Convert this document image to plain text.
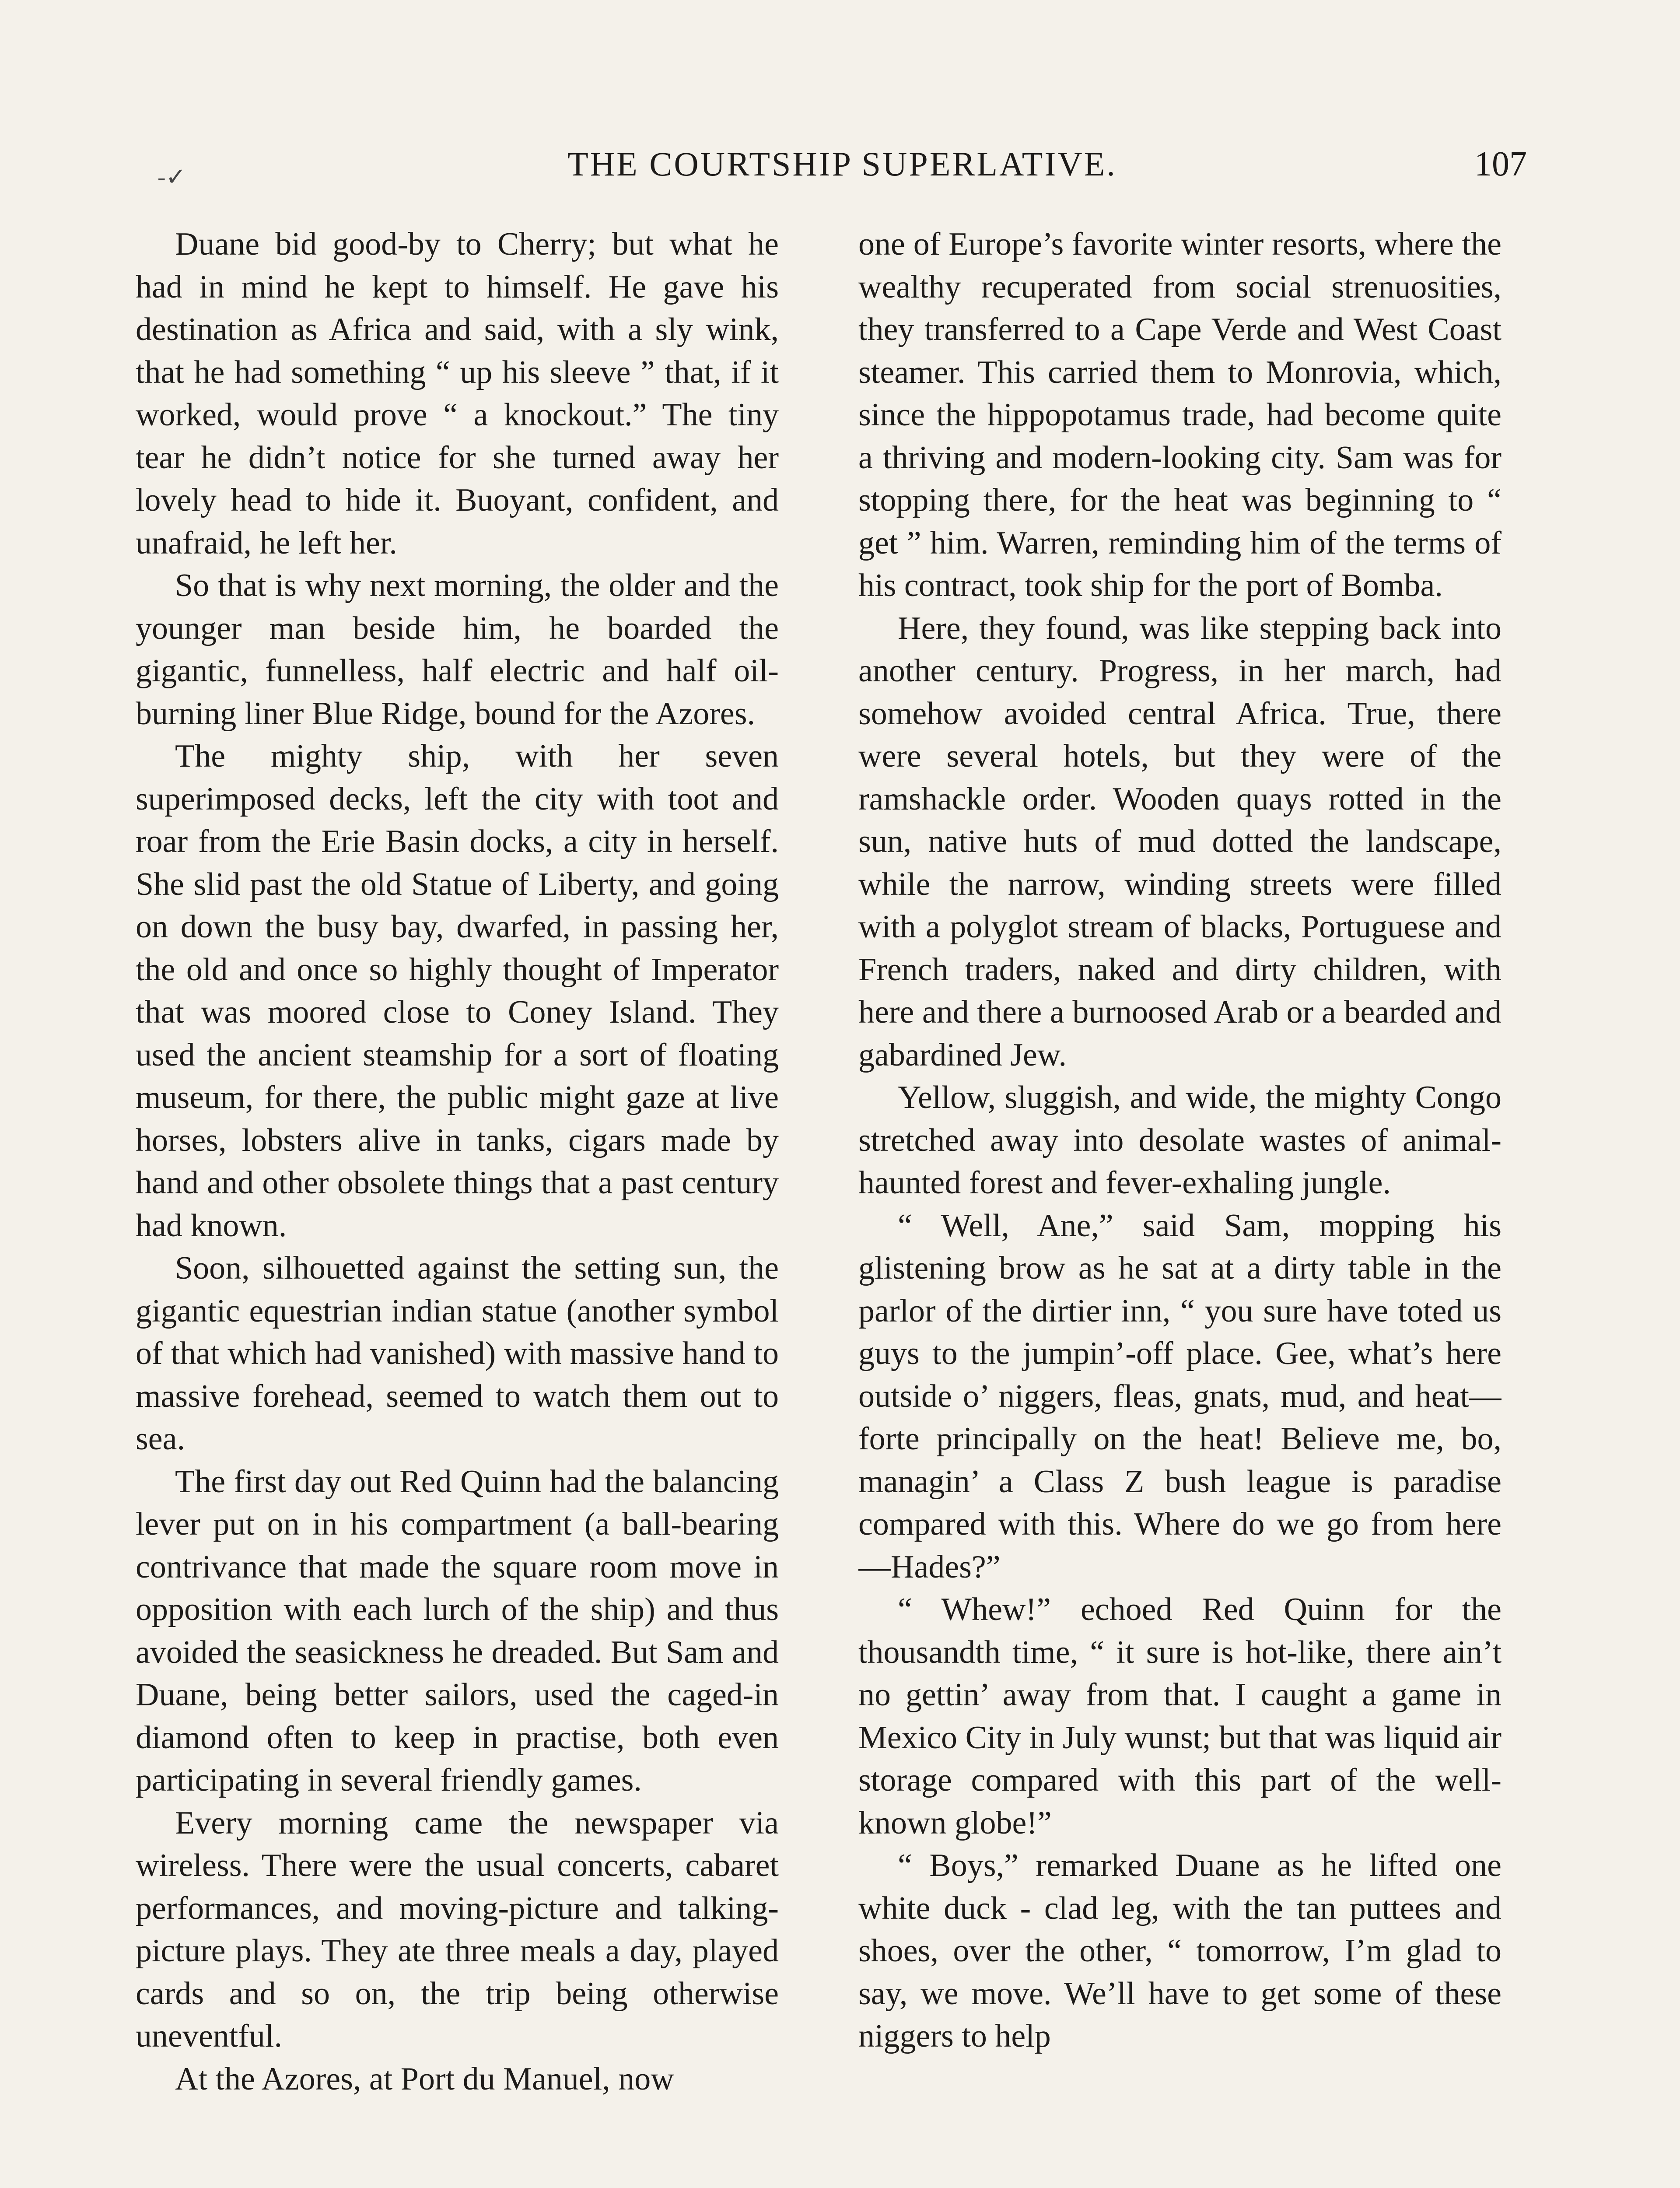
-✓	THE COURTSHIP SUPERLATIVE.	107

Duane bid good-by to Cherry; but what he had in mind he kept to himself. He gave his destination as Africa and said, with a sly wink, that he had something “ up his sleeve ” that, if it worked, would prove “ a knockout.” The tiny tear he didn’t notice for she turned away her lovely head to hide it. Buoyant, confident, and unafraid, he left her.

So that is why next morning, the older and the younger man beside him, he boarded the gigantic, funnelless, half electric and half oil-burning liner Blue Ridge, bound for the Azores.

The mighty ship, with her seven superimposed decks, left the city with toot and roar from the Erie Basin docks, a city in herself. She slid past the old Statue of Liberty, and going on down the busy bay, dwarfed, in passing her, the old and once so highly thought of Imperator that was moored close to Coney Island. They used the ancient steamship for a sort of floating museum, for there, the public might gaze at live horses, lobsters alive in tanks, cigars made by hand and other obsolete things that a past century had known.

Soon, silhouetted against the setting sun, the gigantic equestrian indian statue (another symbol of that which had vanished) with massive hand to massive forehead, seemed to watch them out to sea.

The first day out Red Quinn had the balancing lever put on in his compartment (a ball-bearing contrivance that made the square room move in opposition with each lurch of the ship) and thus avoided the seasickness he dreaded. But Sam and Duane, being better sailors, used the caged-in diamond often to keep in practise, both even participating in several friendly games.

Every morning came the newspaper via wireless. There were the usual concerts, cabaret performances, and moving-picture and talking-picture plays. They ate three meals a day, played cards and so on, the trip being otherwise uneventful.

At the Azores, at Port du Manuel, now

one of Europe’s favorite winter resorts, where the wealthy recuperated from social strenuosities, they transferred to a Cape Verde and West Coast steamer. This carried them to Monrovia, which, since the hippopotamus trade, had become quite a thriving and modern-looking city. Sam was for stopping there, for the heat was beginning to “ get ” him. Warren, reminding him of the terms of his contract, took ship for the port of Bomba.

Here, they found, was like stepping back into another century. Progress, in her march, had somehow avoided central Africa. True, there were several hotels, but they were of the ramshackle order. Wooden quays rotted in the sun, native huts of mud dotted the landscape, while the narrow, winding streets were filled with a polyglot stream of blacks, Portuguese and French traders, naked and dirty children, with here and there a burnoosed Arab or a bearded and gabardined Jew.

Yellow, sluggish, and wide, the mighty Congo stretched away into desolate wastes of animal-haunted forest and fever-exhaling jungle.

“ Well, Ane,” said Sam, mopping his glistening brow as he sat at a dirty table in the parlor of the dirtier inn, “ you sure have toted us guys to the jumpin’-off place. Gee, what’s here outside o’ niggers, fleas, gnats, mud, and heat—forte principally on the heat! Believe me, bo, managin’ a Class Z bush league is paradise compared with this. Where do we go from here—Hades?”

“ Whew!” echoed Red Quinn for the thousandth time, “ it sure is hot-like, there ain’t no gettin’ away from that. I caught a game in Mexico City in July wunst; but that was liquid air storage compared with this part of the well-known globe!”

“ Boys,” remarked Duane as he lifted one white duck - clad leg, with the tan puttees and shoes, over the other, “ tomorrow, I’m glad to say, we move. We’ll have to get some of these niggers to help
